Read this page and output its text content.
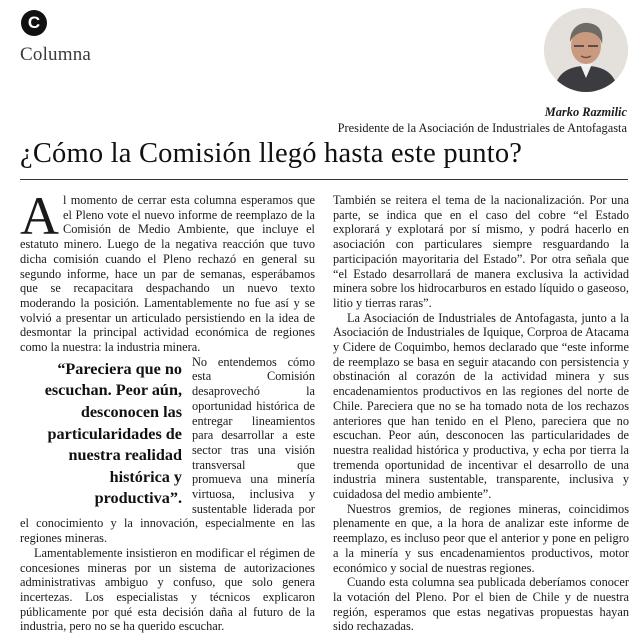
C
Columna
Marko Razmilic
Presidente de la Asociación de Industriales de Antofagasta
¿Cómo la Comisión llegó hasta este punto?

Al momento de cerrar esta columna esperamos que el Pleno vote el nuevo informe de reemplazo de la Comisión de Medio Ambiente, que incluye el estatuto minero. Luego de la negativa reacción que tuvo dicha comisión cuando el Pleno rechazó en general su segundo informe, hace un par de semanas, esperábamos que se recapacitara despachando un nuevo texto moderando la posición. Lamentablemente no fue así y se volvió a presentar un articulado persistiendo en la idea de desmontar la principal actividad económica de regiones como la nuestra: la industria minera.

“Pareciera que no escuchan. Peor aún, desconocen las particularidades de nuestra realidad histórica y productiva”.

No entendemos cómo esta Comisión desaprovechó la oportunidad histórica de entregar lineamientos para desarrollar a este sector tras una visión transversal que promueva una minería virtuosa, inclusiva y sustentable liderada por el conocimiento y la innovación, especialmente en las regiones mineras.

Lamentablemente insistieron en modificar el régimen de concesiones mineras por un sistema de autorizaciones administrativas ambiguo y confuso, que solo genera incertezas. Los especialistas y técnicos explicaron públicamente por qué esta decisión daña al futuro de la industria, pero no se ha querido escuchar.

También se reitera el tema de la nacionalización. Por una parte, se indica que en el caso del cobre “el Estado explorará y explotará por sí mismo, y podrá hacerlo en asociación con particulares siempre resguardando la participación mayoritaria del Estado”. Por otra señala que “el Estado desarrollará de manera exclusiva la actividad minera sobre los hidrocarburos en estado líquido o gaseoso, litio y tierras raras”.

La Asociación de Industriales de Antofagasta, junto a la Asociación de Industriales de Iquique, Corproa de Atacama y Cidere de Coquimbo, hemos declarado que “este informe de reemplazo se basa en seguir atacando con persistencia y obstinación al corazón de la actividad minera y sus encadenamientos productivos en las regiones del norte de Chile. Pareciera que no se ha tomado nota de los rechazos anteriores que han tenido en el Pleno, pareciera que no escuchan. Peor aún, desconocen las particularidades de nuestra realidad histórica y productiva, y echa por tierra la tremenda oportunidad de incentivar el desarrollo de una industria minera sustentable, transparente, inclusiva y cuidadosa del medio ambiente”.

Nuestros gremios, de regiones mineras, coincidimos plenamente en que, a la hora de analizar este informe de reemplazo, es incluso peor que el anterior y pone en peligro a la minería y sus encadenamientos productivos, motor económico y social de nuestras regiones.

Cuando esta columna sea publicada deberíamos conocer la votación del Pleno. Por el bien de Chile y de nuestra región, esperamos que estas negativas propuestas hayan sido rechazadas.
